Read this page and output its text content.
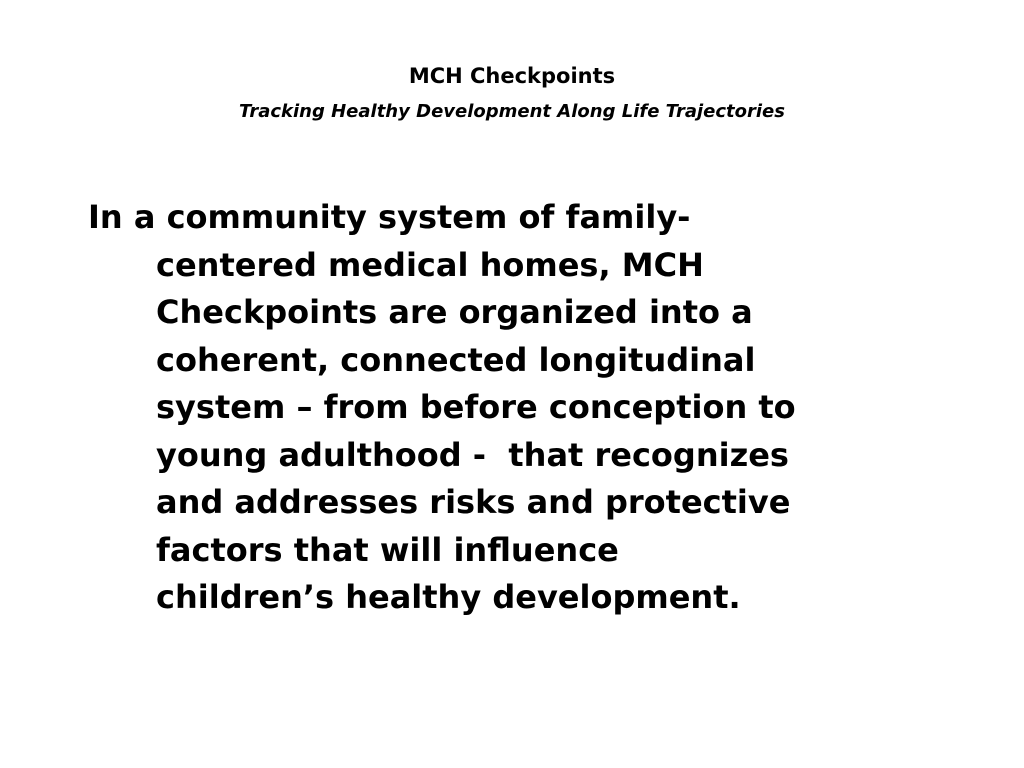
MCH Checkpoints
Tracking Healthy Development Along Life Trajectories
In a community system of family-
centered medical homes, MCH
Checkpoints are organized into a
coherent, connected longitudinal
system – from before conception to
young adulthood -  that recognizes
and addresses risks and protective
factors that will influence
children’s healthy development.
